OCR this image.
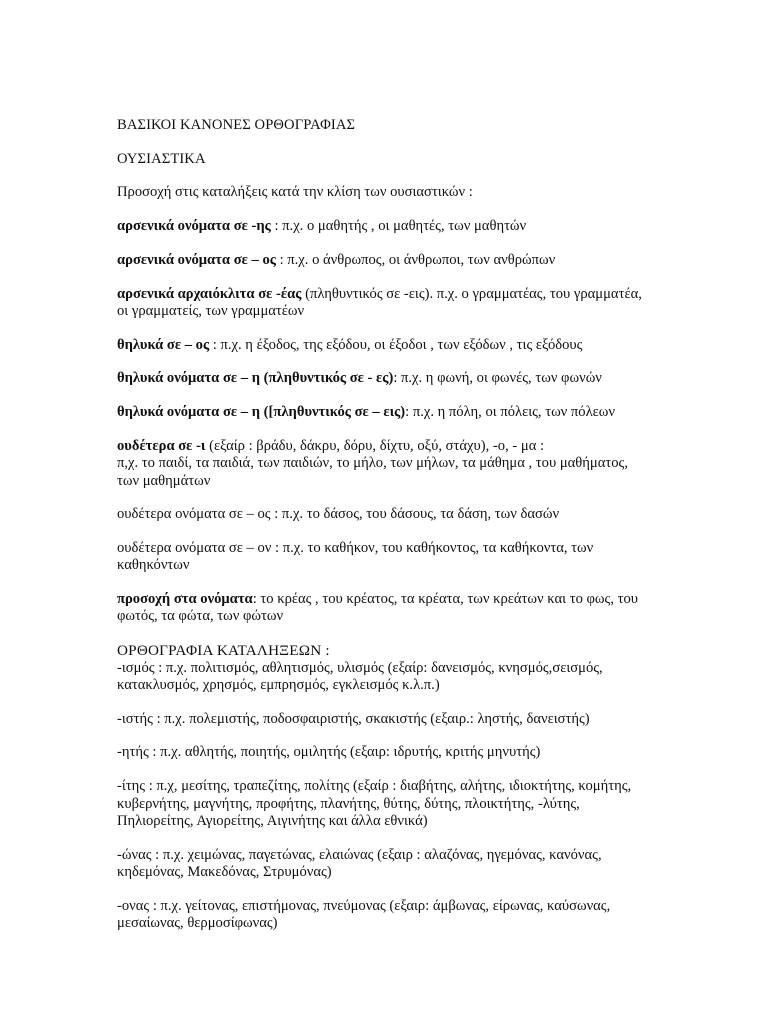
ΒΑΣΙΚΟΙ ΚΑΝΟΝΕΣ ΟΡΘΟΓΡΑΦΙΑΣ

ΟΥΣΙΑΣΤΙΚΑ

Προσοχή στις καταλήξεις κατά την κλίση των ουσιαστικών :

αρσενικά ονόματα σε -ης : π.χ. ο μαθητής , οι μαθητές, των μαθητών

αρσενικά ονόματα σε – ος : π.χ. ο άνθρωπος, οι άνθρωποι, των ανθρώπων

αρσενικά αρχαιόκλιτα σε -έας (πληθυντικός σε -εις). π.χ. ο γραμματέας, του γραμματέα, οι γραμματείς, των γραμματέων

θηλυκά σε – ος : π.χ. η έξοδος, της εξόδου, οι έξοδοι , των εξόδων , τις εξόδους

θηλυκά ονόματα σε – η (πληθυντικός σε - ες): π.χ. η φωνή, οι φωνές, των φωνών

θηλυκά ονόματα σε – η ([πληθυντικός σε – εις): π.χ. η πόλη, οι πόλεις, των πόλεων

ουδέτερα σε -ι (εξαίρ : βράδυ, δάκρυ, δόρυ, δίχτυ, οξύ, στάχυ), -ο, - μα :
π,χ. το παιδί, τα παιδιά, των παιδιών, το μήλο, των μήλων, τα μάθημα , του μαθήματος, των μαθημάτων

ουδέτερα ονόματα σε – ος : π.χ. το δάσος, του δάσους, τα δάση, των δασών

ουδέτερα ονόματα σε – ον : π.χ. το καθήκον, του καθήκοντος, τα καθήκοντα, των καθηκόντων

προσοχή στα ονόματα: το κρέας , του κρέατος, τα κρέατα, των κρεάτων και το φως, του φωτός, τα φώτα, των φώτων

ΟΡΘΟΓΡΑΦΙΑ ΚΑΤΑΛΗΞΕΩΝ :

-ισμός : π.χ. πολιτισμός, αθλητισμός, υλισμός (εξαίρ: δανεισμός, κνησμός,σεισμός, κατακλυσμός, χρησμός, εμπρησμός, εγκλεισμός κ.λ.π.)

-ιστής : π.χ. πολεμιστής, ποδοσφαιριστής, σκακιστής (εξαιρ.: ληστής, δανειστής)

-ητής : π.χ. αθλητής, ποιητής, ομιλητής (εξαιρ: ιδρυτής, κριτής μηνυτής)

-ίτης : π.χ, μεσίτης, τραπεζίτης, πολίτης (εξαίρ : διαβήτης, αλήτης, ιδιοκτήτης, κομήτης, κυβερνήτης, μαγνήτης, προφήτης, πλανήτης, θύτης, δύτης, πλοικτήτης, -λύτης, Πηλιορείτης, Αγιορείτης, Αιγινήτης και άλλα εθνικά)

-ώνας : π.χ. χειμώνας, παγετώνας, ελαιώνας (εξαιρ : αλαζόνας, ηγεμόνας, κανόνας, κηδεμόνας, Μακεδόνας, Στρυμόνας)

-ονας : π.χ. γείτονας, επιστήμονας, πνεύμονας (εξαιρ: άμβωνας, είρωνας, καύσωνας, μεσαίωνας, θερμοσίφωνας)
